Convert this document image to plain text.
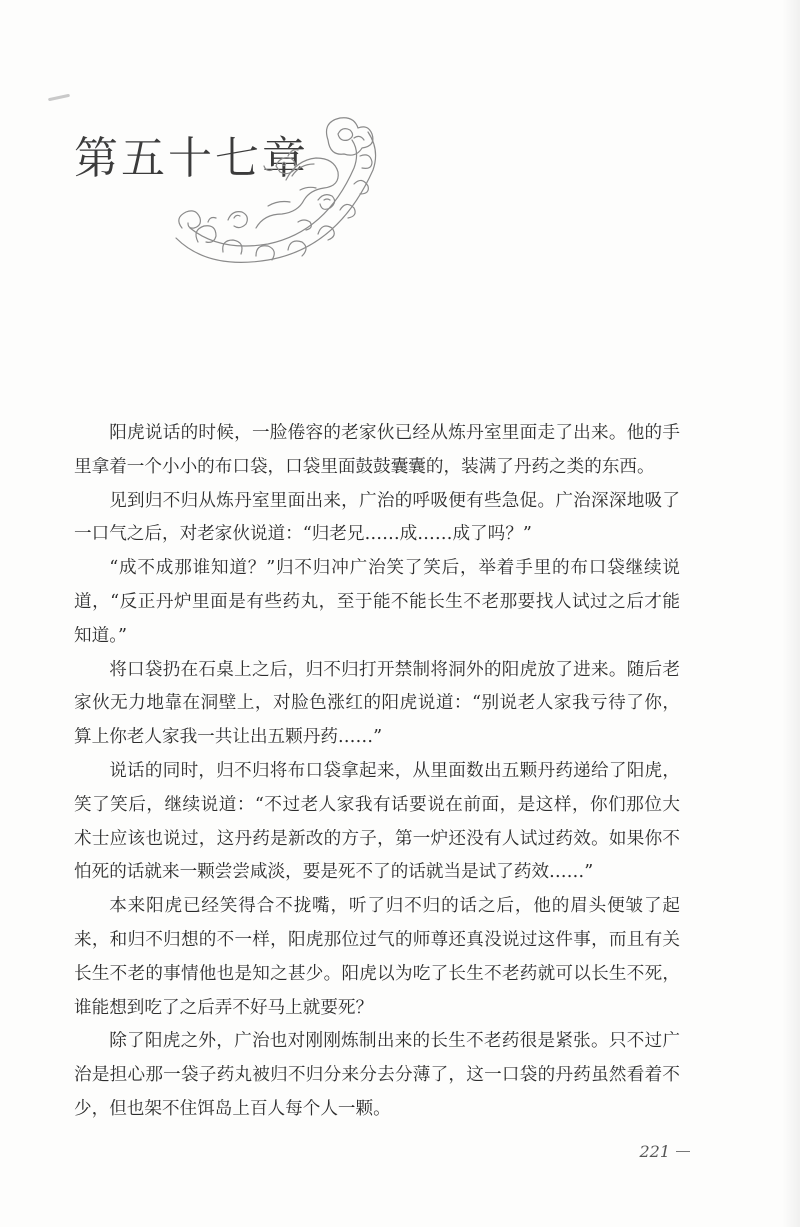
第五十七章

阳虎说话的时候，一脸倦容的老家伙已经从炼丹室里面走了出来。他的手里拿着一个小小的布口袋，口袋里面鼓鼓囊囊的，装满了丹药之类的东西。

见到归不归从炼丹室里面出来，广治的呼吸便有些急促。广治深深地吸了一口气之后，对老家伙说道：“归老兄……成……成了吗？”

“成不成那谁知道？”归不归冲广治笑了笑后，举着手里的布口袋继续说道，“反正丹炉里面是有些药丸，至于能不能长生不老那要找人试过之后才能知道。”

将口袋扔在石桌上之后，归不归打开禁制将洞外的阳虎放了进来。随后老家伙无力地靠在洞壁上，对脸色涨红的阳虎说道：“别说老人家我亏待了你，算上你老人家我一共让出五颗丹药……”

说话的同时，归不归将布口袋拿起来，从里面数出五颗丹药递给了阳虎，笑了笑后，继续说道：“不过老人家我有话要说在前面，是这样，你们那位大术士应该也说过，这丹药是新改的方子，第一炉还没有人试过药效。如果你不怕死的话就来一颗尝尝咸淡，要是死不了的话就当是试了药效……”

本来阳虎已经笑得合不拢嘴，听了归不归的话之后，他的眉头便皱了起来，和归不归想的不一样，阳虎那位过气的师尊还真没说过这件事，而且有关长生不老的事情他也是知之甚少。阳虎以为吃了长生不老药就可以长生不死，谁能想到吃了之后弄不好马上就要死？

除了阳虎之外，广治也对刚刚炼制出来的长生不老药很是紧张。只不过广治是担心那一袋子药丸被归不归分来分去分薄了，这一口袋的丹药虽然看着不少，但也架不住饵岛上百人每个人一颗。

221
